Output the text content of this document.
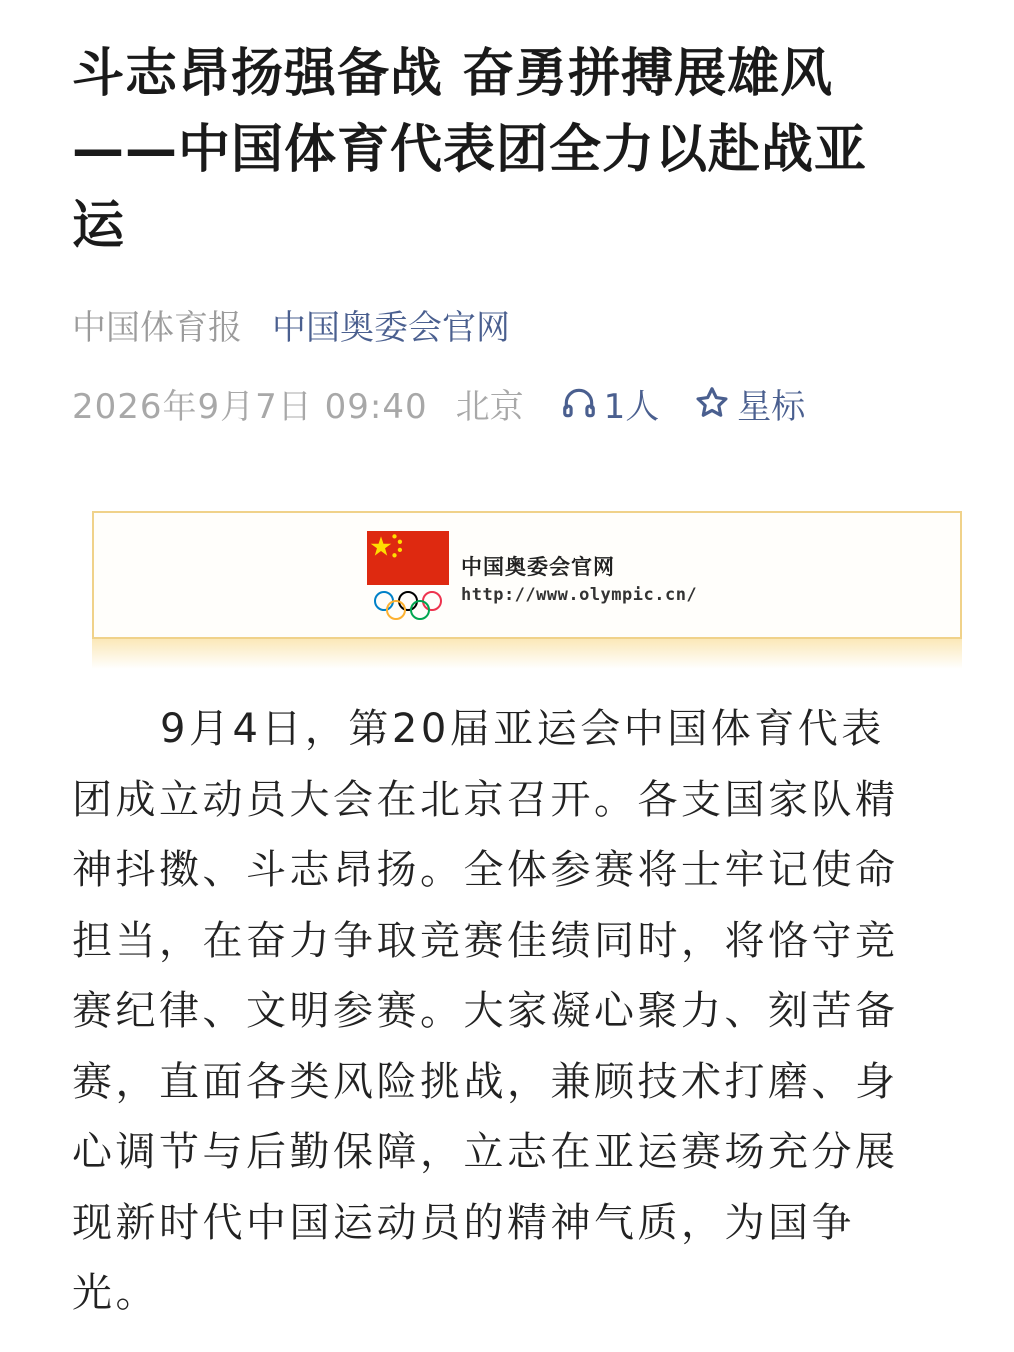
斗志昂扬强备战 奋勇拼搏展雄风
——中国体育代表团全力以赴战亚
运
中国体育报 中国奥委会官网
2026年9月7日 09:40 北京 1人 星标
中国奥委会官网
http://www.olympic.cn/
9月4日，第20届亚运会中国体育代表
团成立动员大会在北京召开。各支国家队精
神抖擞、斗志昂扬。全体参赛将士牢记使命
担当，在奋力争取竞赛佳绩同时，将恪守竞
赛纪律、文明参赛。大家凝心聚力、刻苦备
赛，直面各类风险挑战，兼顾技术打磨、身
心调节与后勤保障，立志在亚运赛场充分展
现新时代中国运动员的精神气质，为国争
光。
